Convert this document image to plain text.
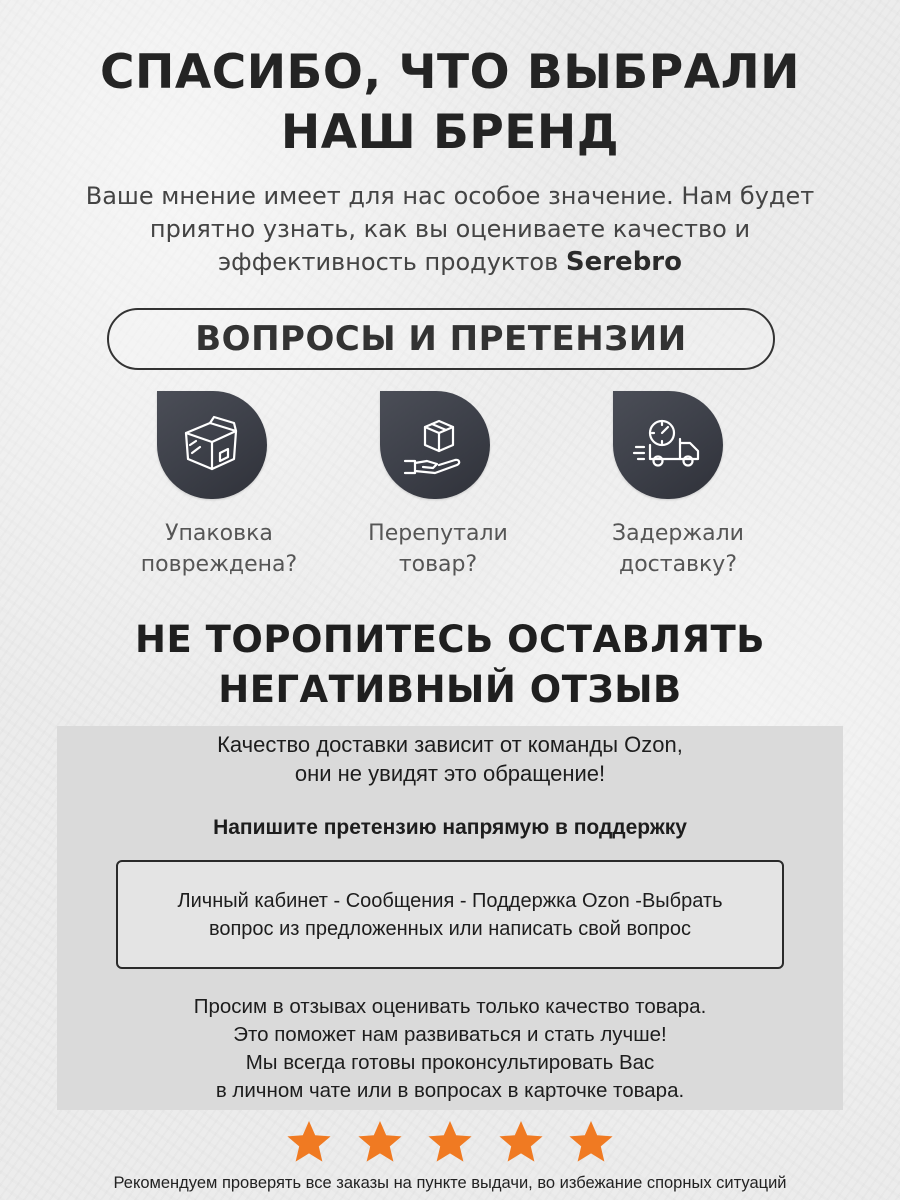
СПАСИБО, ЧТО ВЫБРАЛИ
НАШ БРЕНД
Ваше мнение имеет для нас особое значение. Нам будет
приятно узнать, как вы оцениваете качество и
эффективность продуктов Serebro
ВОПРОСЫ И ПРЕТЕНЗИИ
Упаковка
повреждена?
Перепутали
товар?
Задержали
доставку?
НЕ ТОРОПИТЕСЬ ОСТАВЛЯТЬ
НЕГАТИВНЫЙ ОТЗЫВ
Качество доставки зависит от команды Ozon,
они не увидят это обращение!
Напишите претензию напрямую в поддержку
Личный кабинет - Сообщения - Поддержка Ozon -Выбрать
вопрос из предложенных или написать свой вопрос
Просим в отзывах оценивать только качество товара.
Это поможет нам развиваться и стать лучше!
Мы всегда готовы проконсультировать Вас
в личном чате или в вопросах в карточке товара.
Рекомендуем проверять все заказы на пункте выдачи, во избежание спорных ситуаций
